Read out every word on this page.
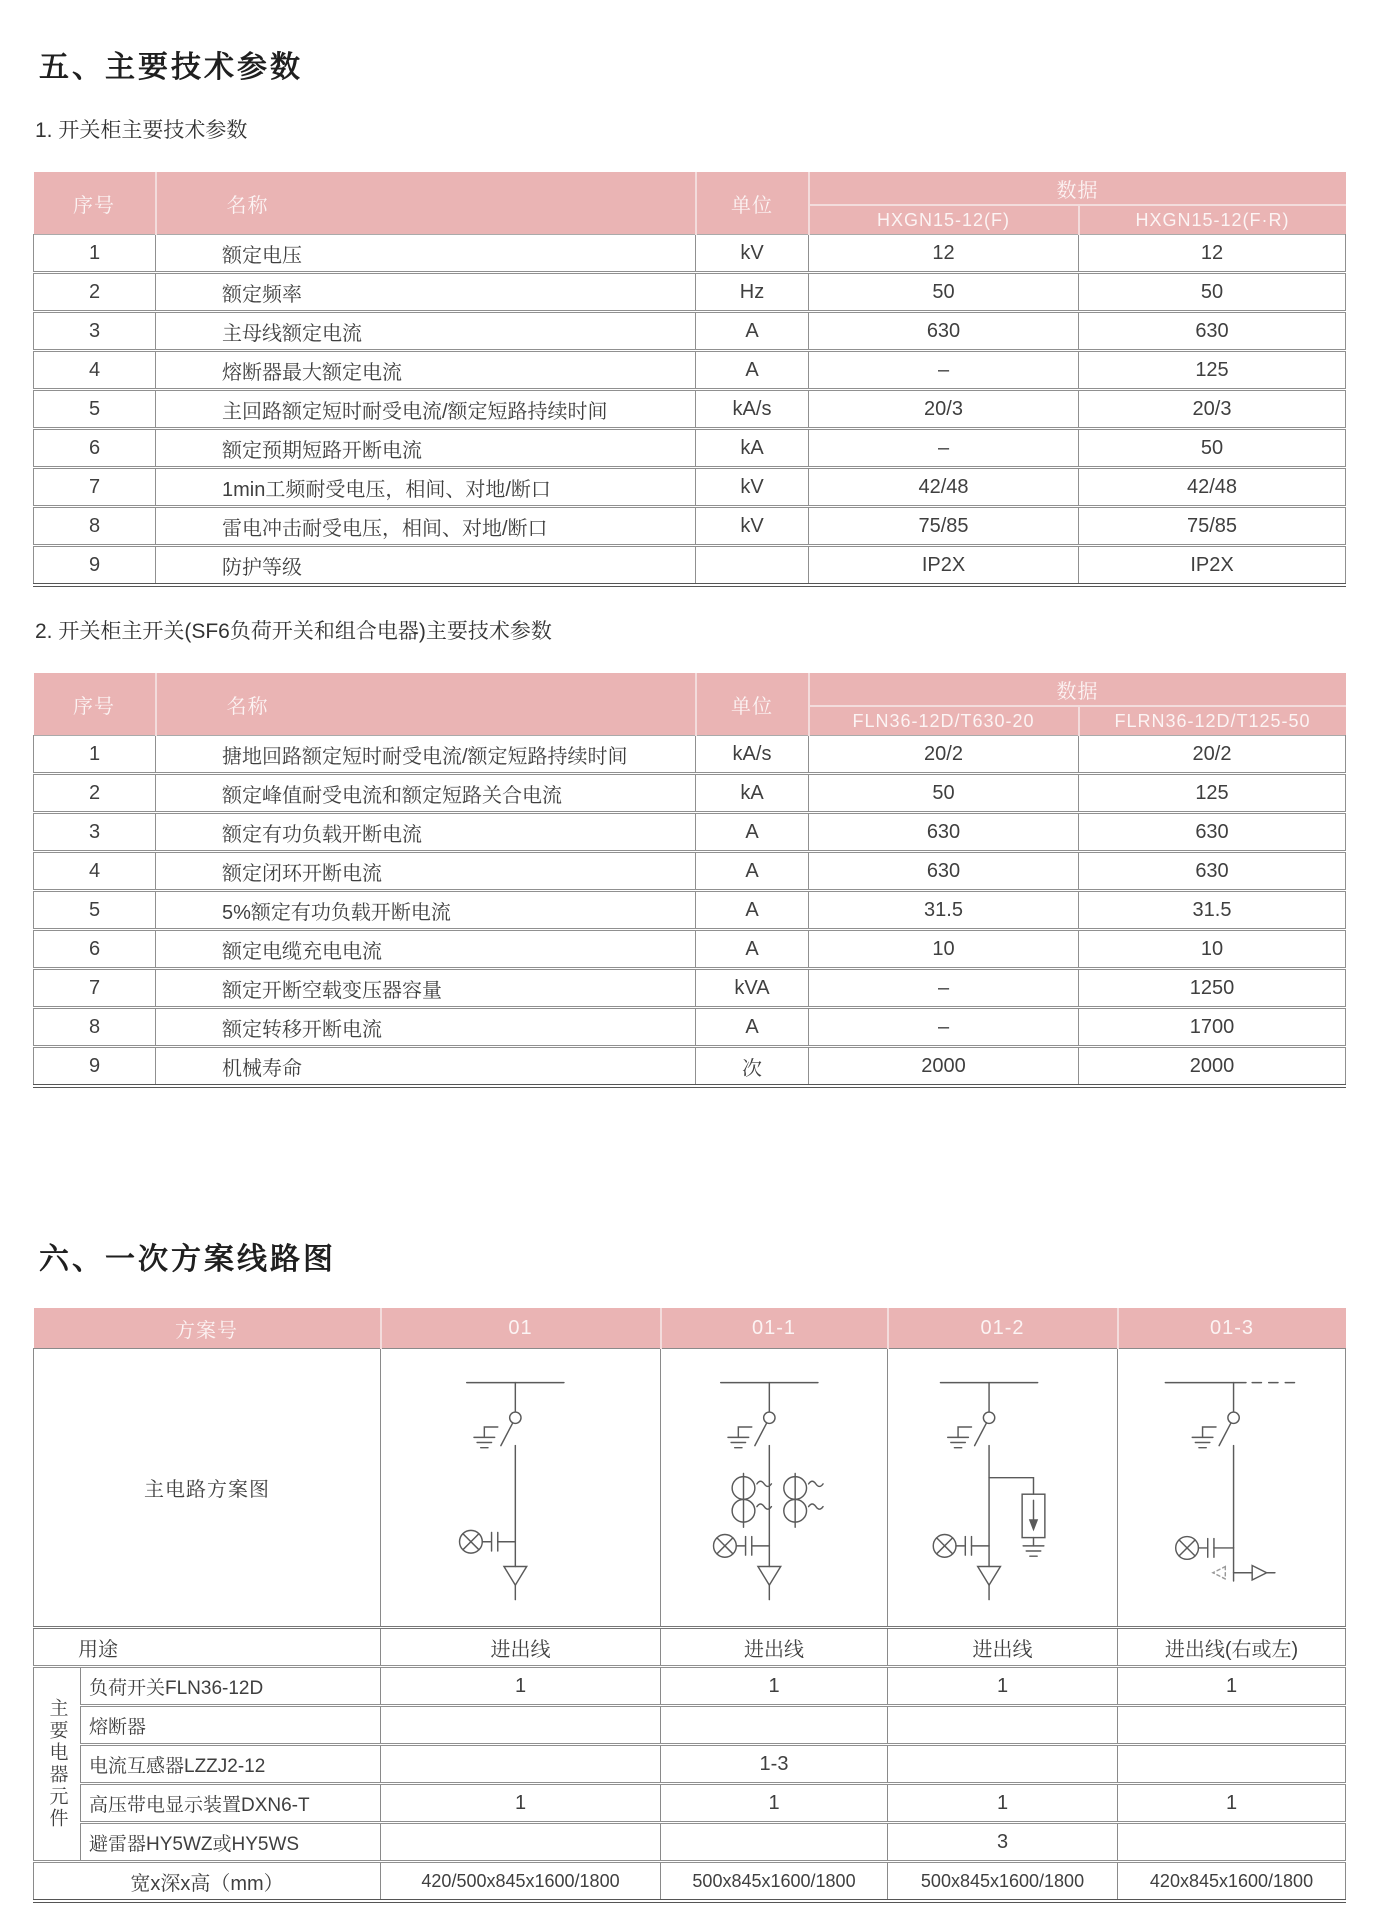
五、主要技术参数
1. 开关柜主要技术参数
序号	名称	单位	数据	
			HXGN15-12(F)	HXGN15-12(F·R)
1	额定电压	kV	12	12
2	额定频率	Hz	50	50
3	主母线额定电流	A	630	630
4	熔断器最大额定电流	A	–	125
5	主回路额定短时耐受电流/额定短路持续时间	kA/s	20/3	20/3
6	额定预期短路开断电流	kA	–	50
7	1min工频耐受电压，相间、对地/断口	kV	42/48	42/48
8	雷电冲击耐受电压，相间、对地/断口	kV	75/85	75/85
9	防护等级		IP2X	IP2X
2. 开关柜主开关(SF6负荷开关和组合电器)主要技术参数
序号	名称	单位	数据	
			FLN36-12D/T630-20	FLRN36-12D/T125-50
1	搪地回路额定短时耐受电流/额定短路持续时间	kA/s	20/2	20/2
2	额定峰值耐受电流和额定短路关合电流	kA	50	125
3	额定有功负载开断电流	A	630	630
4	额定闭环开断电流	A	630	630
5	5%额定有功负载开断电流	A	31.5	31.5
6	额定电缆充电电流	A	10	10
7	额定开断空载变压器容量	kVA	–	1250
8	额定转移开断电流	A	–	1700
9	机械寿命	次	2000	2000
六、一次方案线路图
方案号		01	01-1	01-2	01-3
主电路方案图	

用途		进出线	进出线	进出线	进出线(右或左)
主要电器元件	负荷开关FLN36-12D	1	1	1	1
	熔断器				
	电流互感器LZZJ2-12		1-3		
	高压带电显示装置DXN6-T	1	1	1	1
	避雷器HY5WZ或HY5WS			3	
宽x深x高（mm）		420/500x845x1600/1800	500x845x1600/1800	500x845x1600/1800	420x845x1600/1800
